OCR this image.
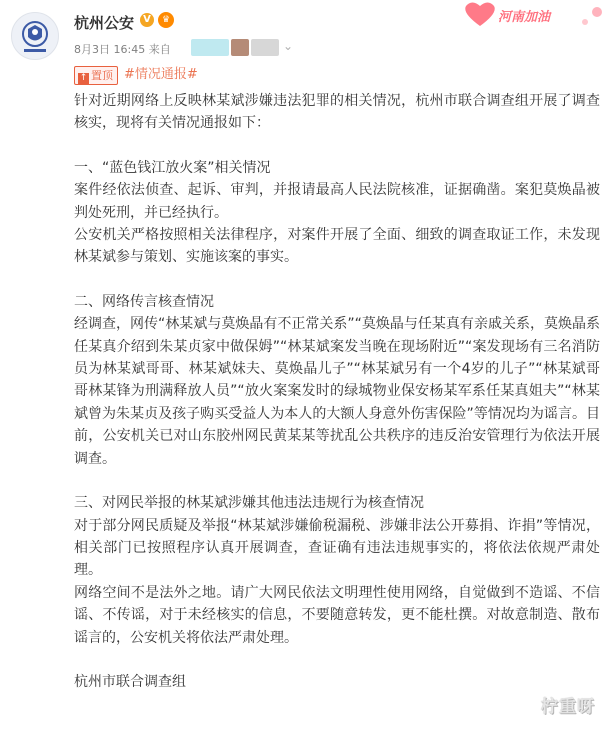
杭州公安 V	♛
8月3日 16:45 来自	⌄
河南加油
↑ 置顶 #情况通报#

针对近期网络上反映林某斌涉嫌违法犯罪的相关情况，杭州市联合调查组开展了调查核实，现将有关情况通报如下：

一、“蓝色钱江放火案”相关情况

案件经依法侦查、起诉、审判，并报请最高人民法院核准，证据确凿。案犯莫焕晶被判处死刑，并已经执行。

公安机关严格按照相关法律程序，对案件开展了全面、细致的调查取证工作，未发现林某斌参与策划、实施该案的事实。

二、网络传言核查情况

经调查，网传“林某斌与莫焕晶有不正常关系”“莫焕晶与任某真有亲戚关系，莫焕晶系任某真介绍到朱某贞家中做保姆”“林某斌案发当晚在现场附近”“案发现场有三名消防员为林某斌哥哥、林某斌妹夫、莫焕晶儿子”“林某斌另有一个4岁的儿子”“林某斌哥哥林某锋为刑满释放人员”“放火案案发时的绿城物业保安杨某军系任某真姐夫”“林某斌曾为朱某贞及孩子购买受益人为本人的大额人身意外伤害保险”等情况均为谣言。目前，公安机关已对山东胶州网民黄某某等扰乱公共秩序的违反治安管理行为依法开展调查。

三、对网民举报的林某斌涉嫌其他违法违规行为核查情况

对于部分网民质疑及举报“林某斌涉嫌偷税漏税、涉嫌非法公开募捐、诈捐”等情况，相关部门已按照程序认真开展调查，查证确有违法违规事实的，将依法依规严肃处理。

网络空间不是法外之地。请广大网民依法文明理性使用网络，自觉做到不造谣、不信谣、不传谣，对于未经核实的信息，不要随意转发，更不能杜撰。对故意制造、散布谣言的，公安机关将依法严肃处理。

杭州市联合调查组

柠重呀
